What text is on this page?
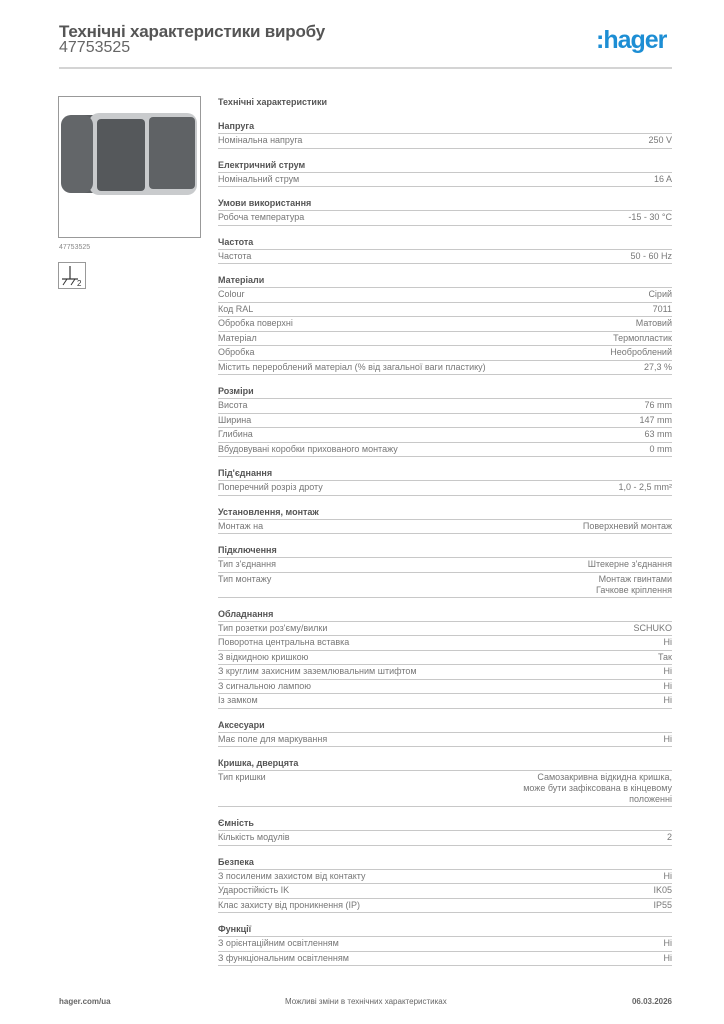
Технічні характеристики виробу
47753525	:hager
47753525
2
Технічні характеристики
Напруга
Номінальна напруга	250 V
Електричний струм
Номінальний струм	16 A
Умови використання
Робоча температура	-15 - 30 °C
Частота
Частота	50 - 60 Hz
Матеріали
Colour	Сірий
Код RAL	7011
Обробка поверхні	Матовий
Матеріал	Термопластик
Обробка	Необроблений
Містить перероблений матеріал (% від загальної ваги пластику)	27,3 %
Розміри
Висота	76 mm
Ширина	147 mm
Глибина	63 mm
Вбудовувані коробки прихованого монтажу	0 mm
Під'єднання
Поперечний розріз дроту	1,0 - 2,5 mm²
Установлення, монтаж
Монтаж на	Поверхневий монтаж
Підключення
Тип з'єднання	Штекерне з'єднання
Тип монтажу	Монтаж гвинтами
Гачкове кріплення
Обладнання
Тип розетки роз'єму/вилки	SCHUKO
Поворотна центральна вставка	Hi
З відкидною кришкою	Так
З круглим захисним заземлювальним штифтом	Hi
З сигнальною лампою	Hi
Із замком	Hi
Аксесуари
Має поле для маркування	Hi
Кришка, дверцята
Тип кришки	Самозакривна відкидна кришка,
може бути зафіксована в кінцевому
положенні
Ємність
Кількість модулів	2
Безпека
З посиленим захистом від контакту	Hi
Ударостійкість IK	IK05
Клас захисту від проникнення (IP)	IP55
Функції
З орієнтаційним освітленням	Hi
З функціональним освітленням	Hi
hager.com/ua	Можливі зміни в технічних характеристиках	06.03.2026
